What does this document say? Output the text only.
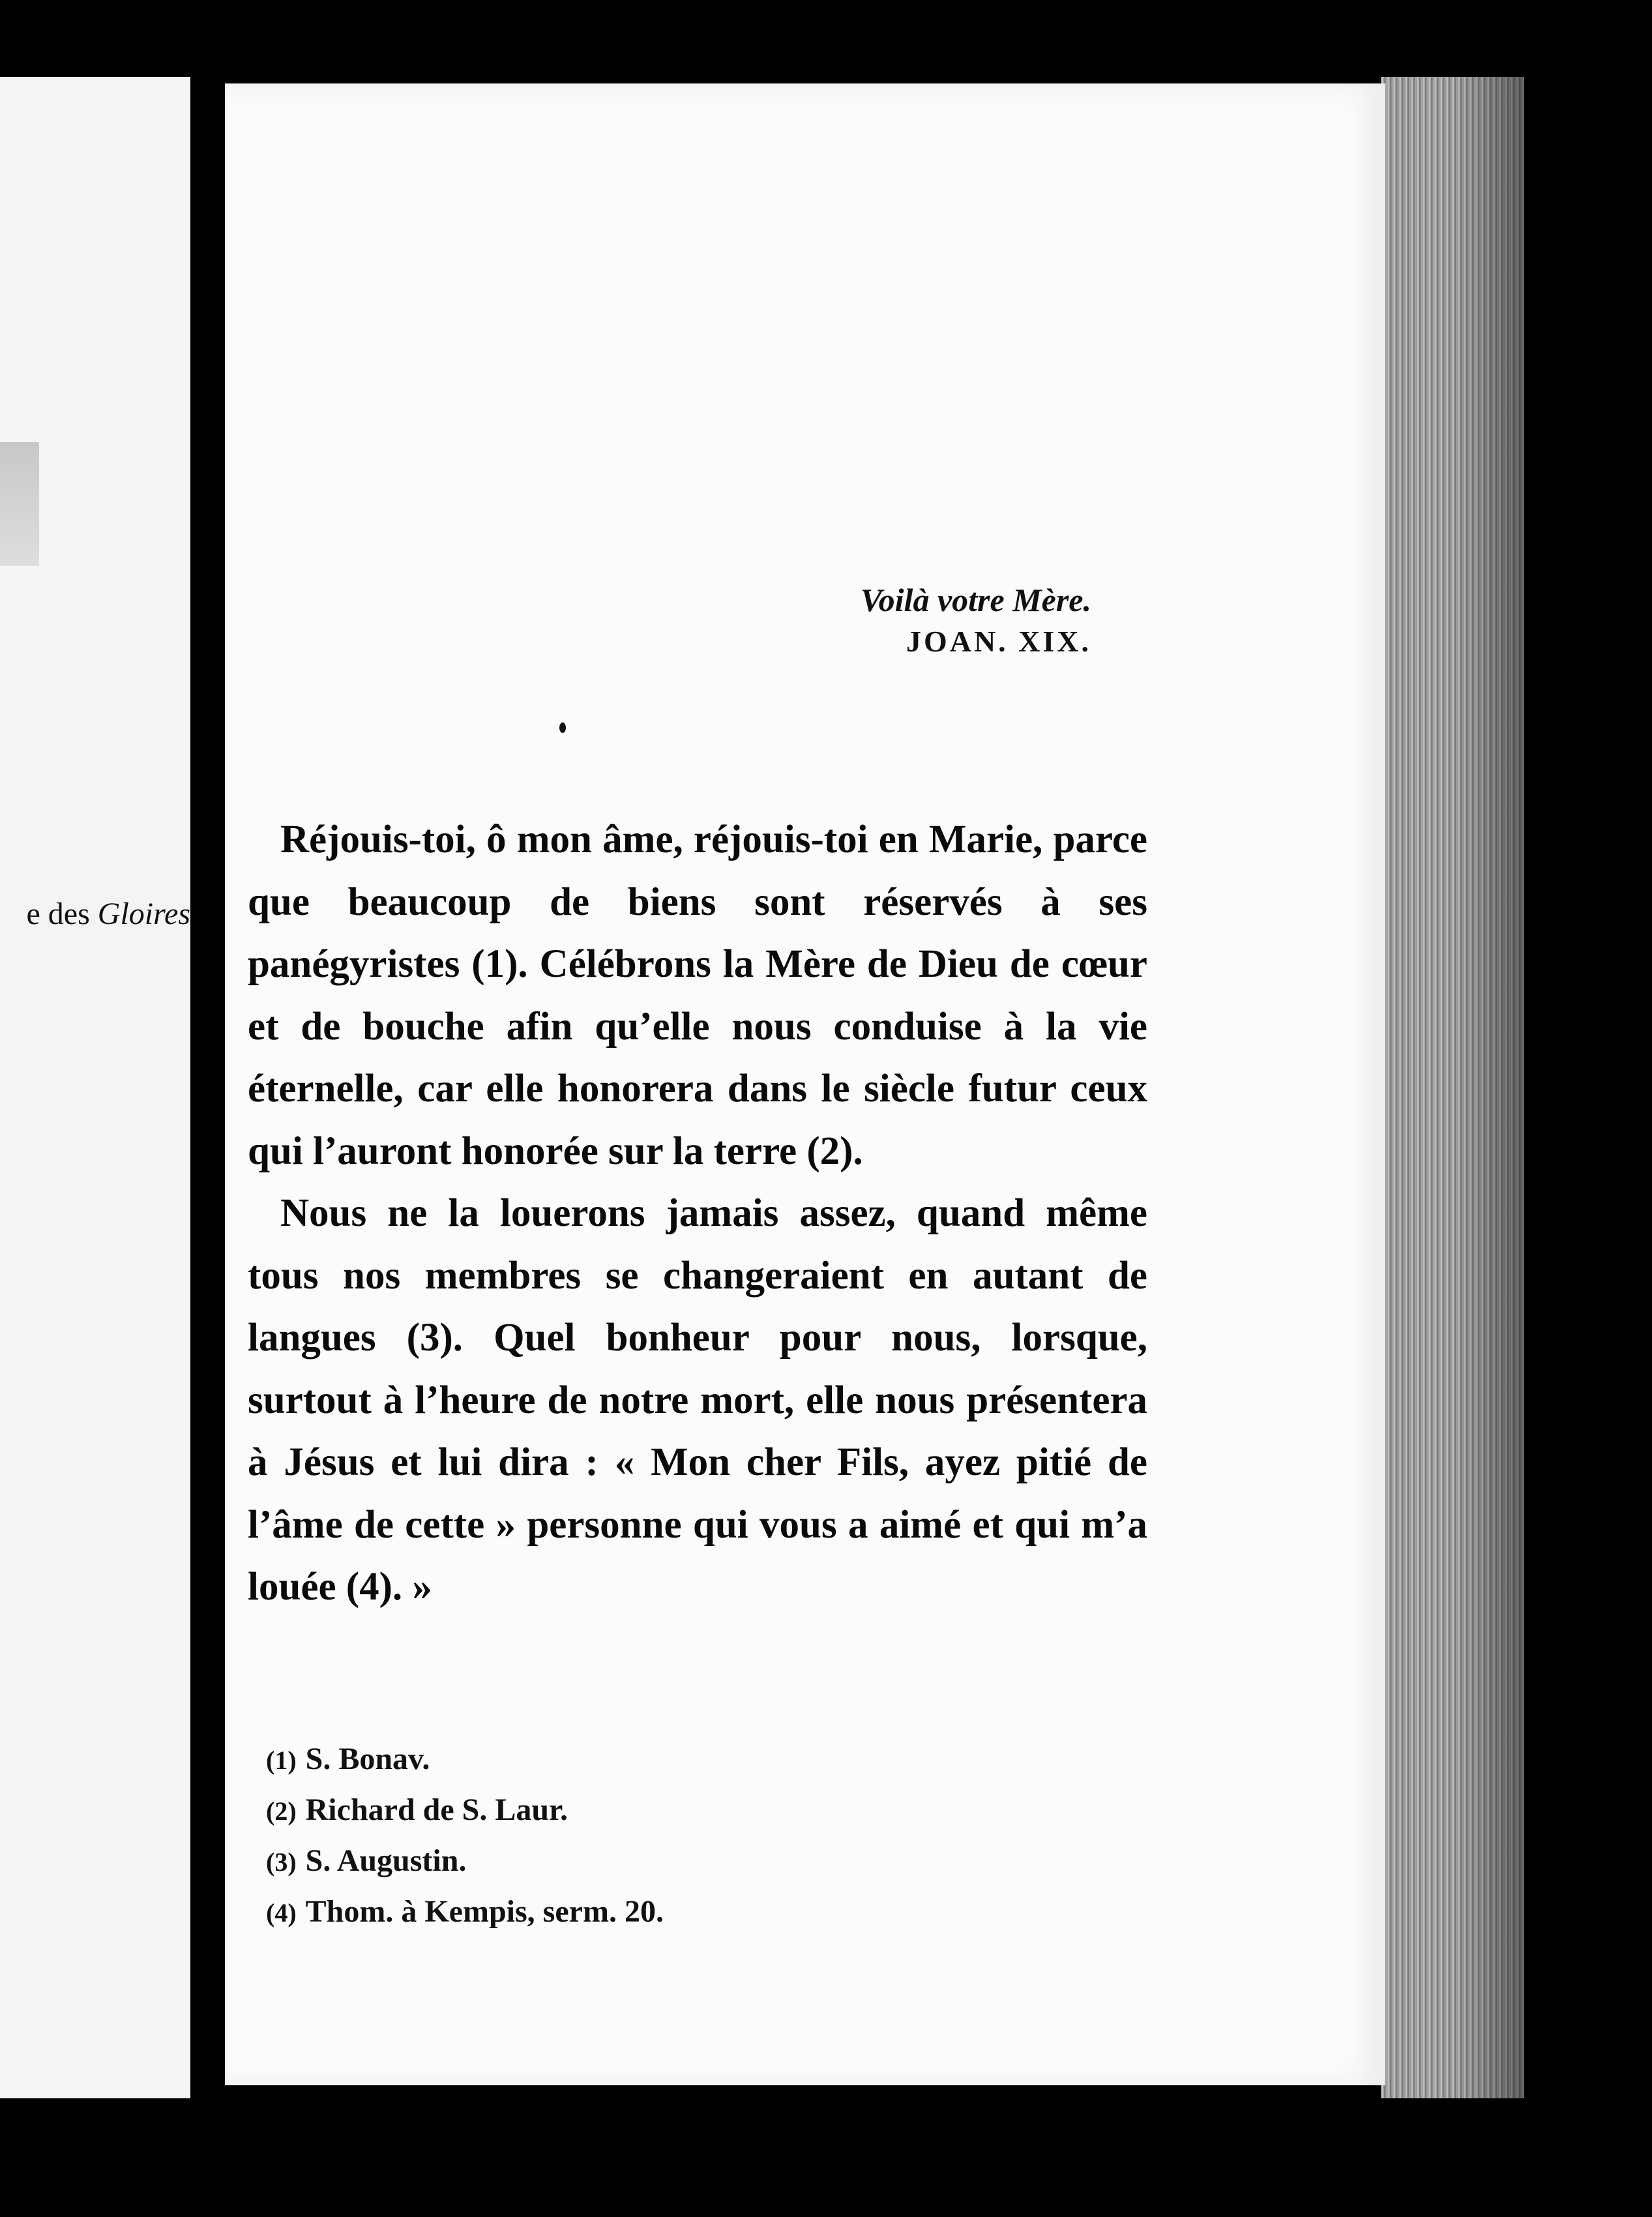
e des Gloires
Voilà votre Mère.
JOAN. XIX.

Réjouis-toi, ô mon âme, réjouis-toi en Marie, parce que beaucoup de biens sont réservés à ses panégyristes (1). Célébrons la Mère de Dieu de cœur et de bouche afin qu’elle nous conduise à la vie éternelle, car elle honorera dans le siècle futur ceux qui l’auront honorée sur la terre (2).

Nous ne la louerons jamais assez, quand même tous nos membres se changeraient en autant de langues (3). Quel bonheur pour nous, lorsque, surtout à l’heure de notre mort, elle nous présentera à Jésus et lui dira : « Mon cher Fils, ayez pitié de l’âme de cette » personne qui vous a aimé et qui m’a louée (4). »

(1) S. Bonav.
(2) Richard de S. Laur.
(3) S. Augustin.
(4) Thom. à Kempis, serm. 20.
